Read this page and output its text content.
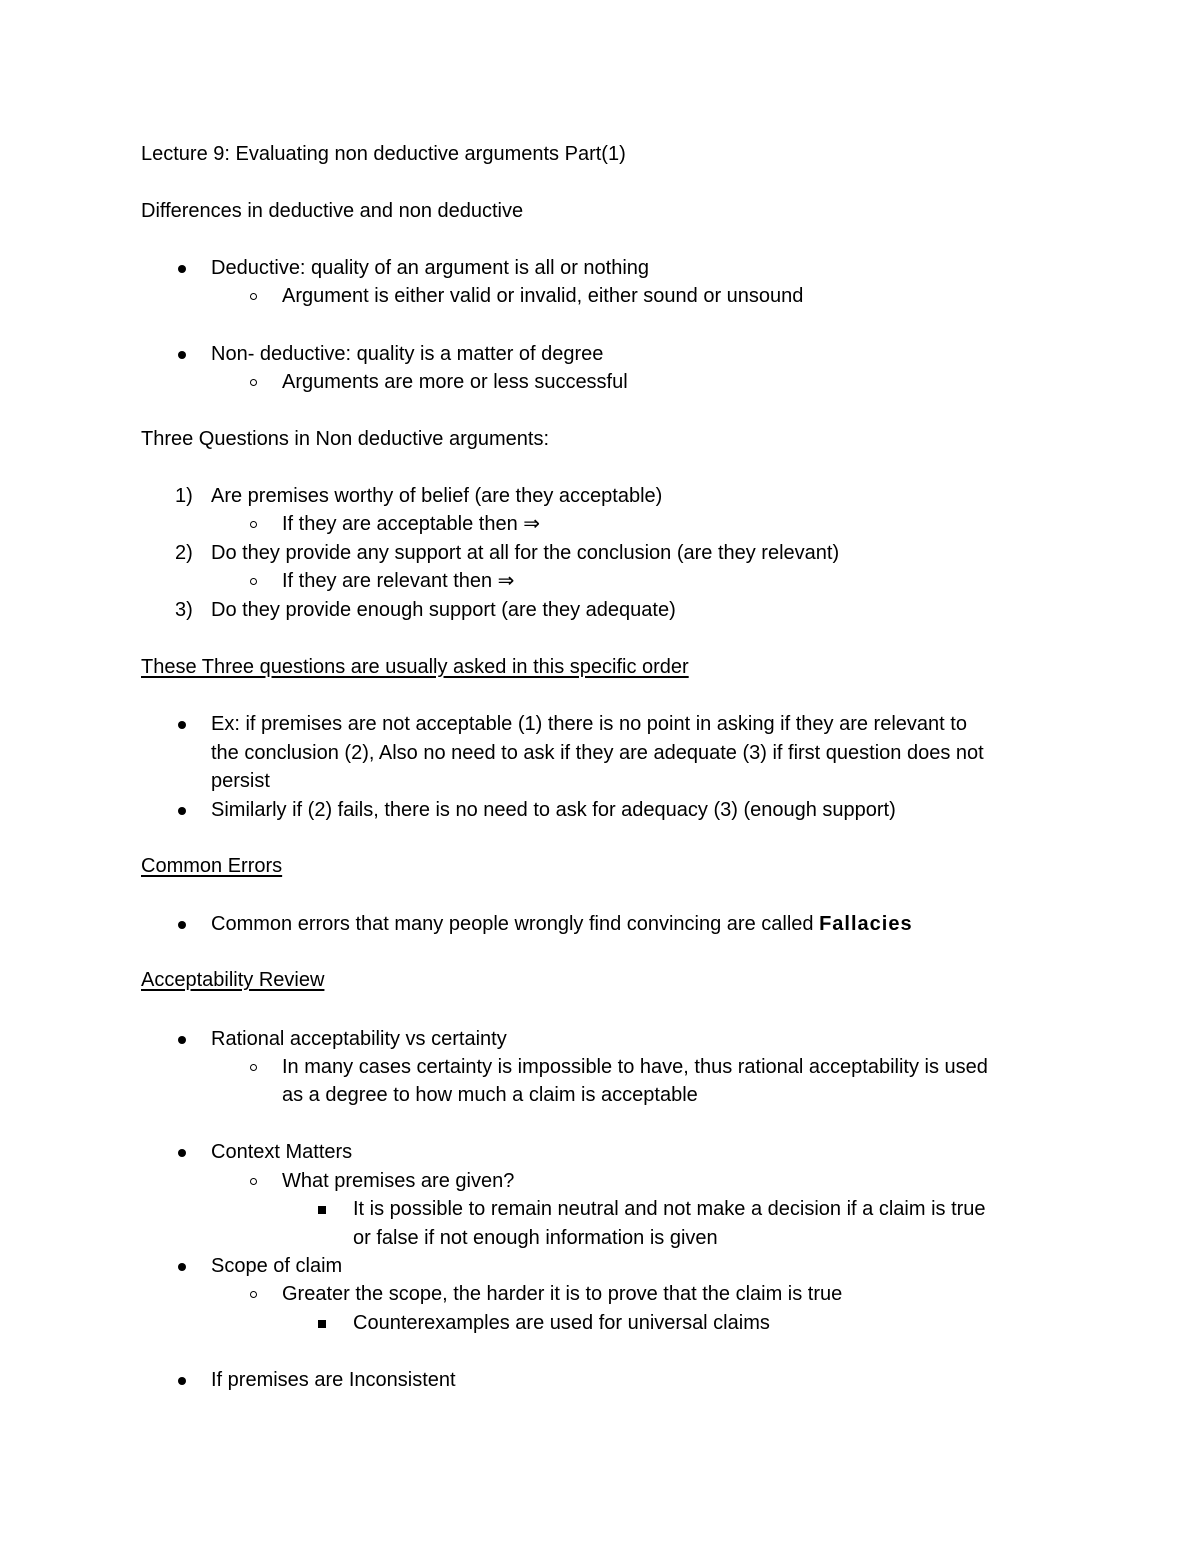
Lecture 9: Evaluating non deductive arguments Part(1)
Differences in deductive and non deductive
Deductive: quality of an argument is all or nothing
Argument is either valid or invalid, either sound or unsound
Non- deductive: quality is a matter of degree
Arguments are more or less successful
Three Questions in Non deductive arguments:
1) Are premises worthy of belief (are they acceptable)
If they are acceptable then ⇒
2) Do they provide any support at all for the conclusion (are they relevant)
If they are relevant then ⇒
3) Do they provide enough support (are they adequate)
These Three questions are usually asked in this specific order
Ex: if premises are not acceptable (1) there is no point in asking if they are relevant to
the conclusion (2), Also no need to ask if they are adequate (3) if first question does not
persist
Similarly if (2) fails, there is no need to ask for adequacy (3) (enough support)
Common Errors
Common errors that many people wrongly find convincing are called Fallacies
Acceptability Review
Rational acceptability vs certainty
In many cases certainty is impossible to have, thus rational acceptability is used
as a degree to how much a claim is acceptable
Context Matters
What premises are given?
It is possible to remain neutral and not make a decision if a claim is true
or false if not enough information is given
Scope of claim
Greater the scope, the harder it is to prove that the claim is true
Counterexamples are used for universal claims
If premises are Inconsistent
